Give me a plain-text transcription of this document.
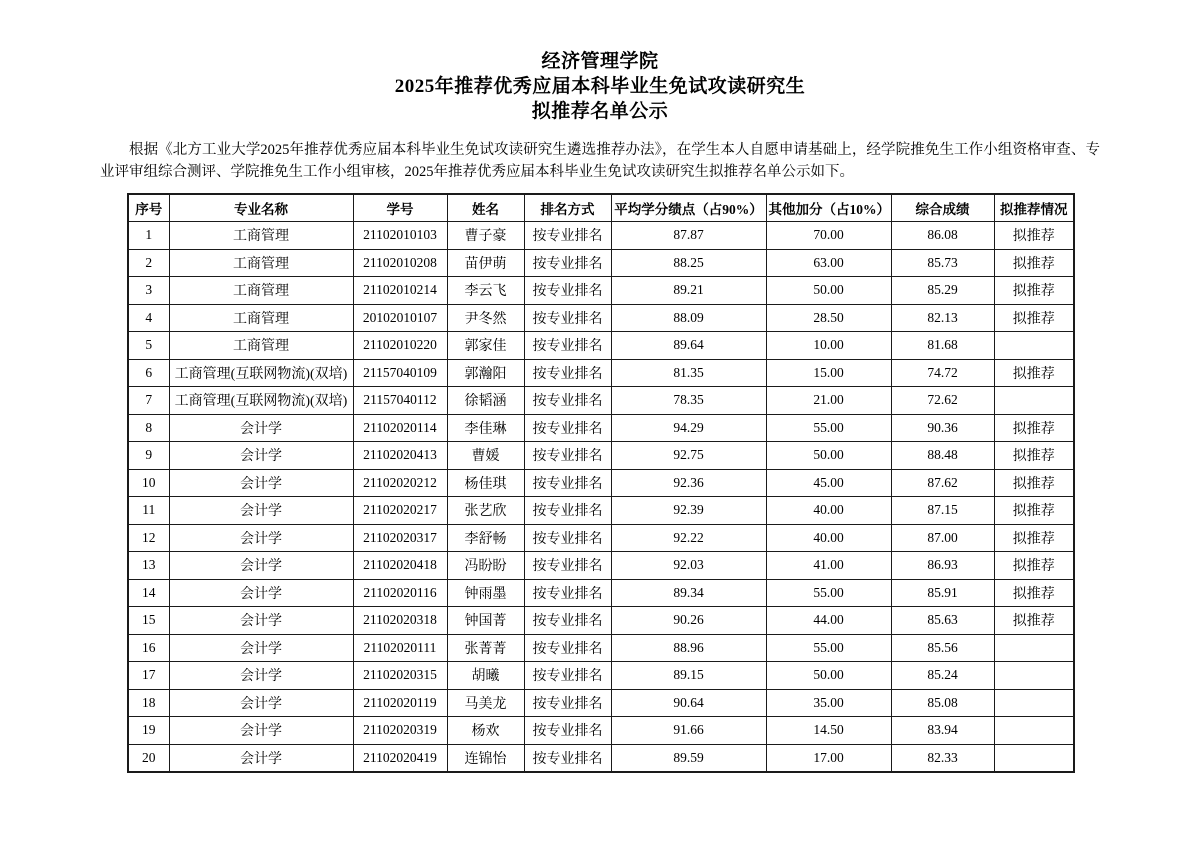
经济管理学院
2025年推荐优秀应届本科毕业生免试攻读研究生
拟推荐名单公示
根据《北方工业大学2025年推荐优秀应届本科毕业生免试攻读研究生遴选推荐办法》，在学生本人自愿申请基础上，经学院推免生工作小组资格审查、专业评审组综合测评、学院推免生工作小组审核，2025年推荐优秀应届本科毕业生免试攻读研究生拟推荐名单公示如下。
序号	专业名称	学号	姓名	排名方式	平均学分绩点（占90%）	其他加分（占10%）	综合成绩	拟推荐情况
1	工商管理	21102010103	曹子豪	按专业排名	87.87	70.00	86.08	拟推荐
2	工商管理	21102010208	苗伊萌	按专业排名	88.25	63.00	85.73	拟推荐
3	工商管理	21102010214	李云飞	按专业排名	89.21	50.00	85.29	拟推荐
4	工商管理	20102010107	尹冬然	按专业排名	88.09	28.50	82.13	拟推荐
5	工商管理	21102010220	郭家佳	按专业排名	89.64	10.00	81.68	
6	工商管理(互联网物流)(双培)	21157040109	郭瀚阳	按专业排名	81.35	15.00	74.72	拟推荐
7	工商管理(互联网物流)(双培)	21157040112	徐韬涵	按专业排名	78.35	21.00	72.62	
8	会计学	21102020114	李佳琳	按专业排名	94.29	55.00	90.36	拟推荐
9	会计学	21102020413	曹媛	按专业排名	92.75	50.00	88.48	拟推荐
10	会计学	21102020212	杨佳琪	按专业排名	92.36	45.00	87.62	拟推荐
11	会计学	21102020217	张艺欣	按专业排名	92.39	40.00	87.15	拟推荐
12	会计学	21102020317	李舒畅	按专业排名	92.22	40.00	87.00	拟推荐
13	会计学	21102020418	冯盼盼	按专业排名	92.03	41.00	86.93	拟推荐
14	会计学	21102020116	钟雨墨	按专业排名	89.34	55.00	85.91	拟推荐
15	会计学	21102020318	钟国菁	按专业排名	90.26	44.00	85.63	拟推荐
16	会计学	21102020111	张菁菁	按专业排名	88.96	55.00	85.56	
17	会计学	21102020315	胡曦	按专业排名	89.15	50.00	85.24	
18	会计学	21102020119	马美龙	按专业排名	90.64	35.00	85.08	
19	会计学	21102020319	杨欢	按专业排名	91.66	14.50	83.94	
20	会计学	21102020419	连锦怡	按专业排名	89.59	17.00	82.33	
